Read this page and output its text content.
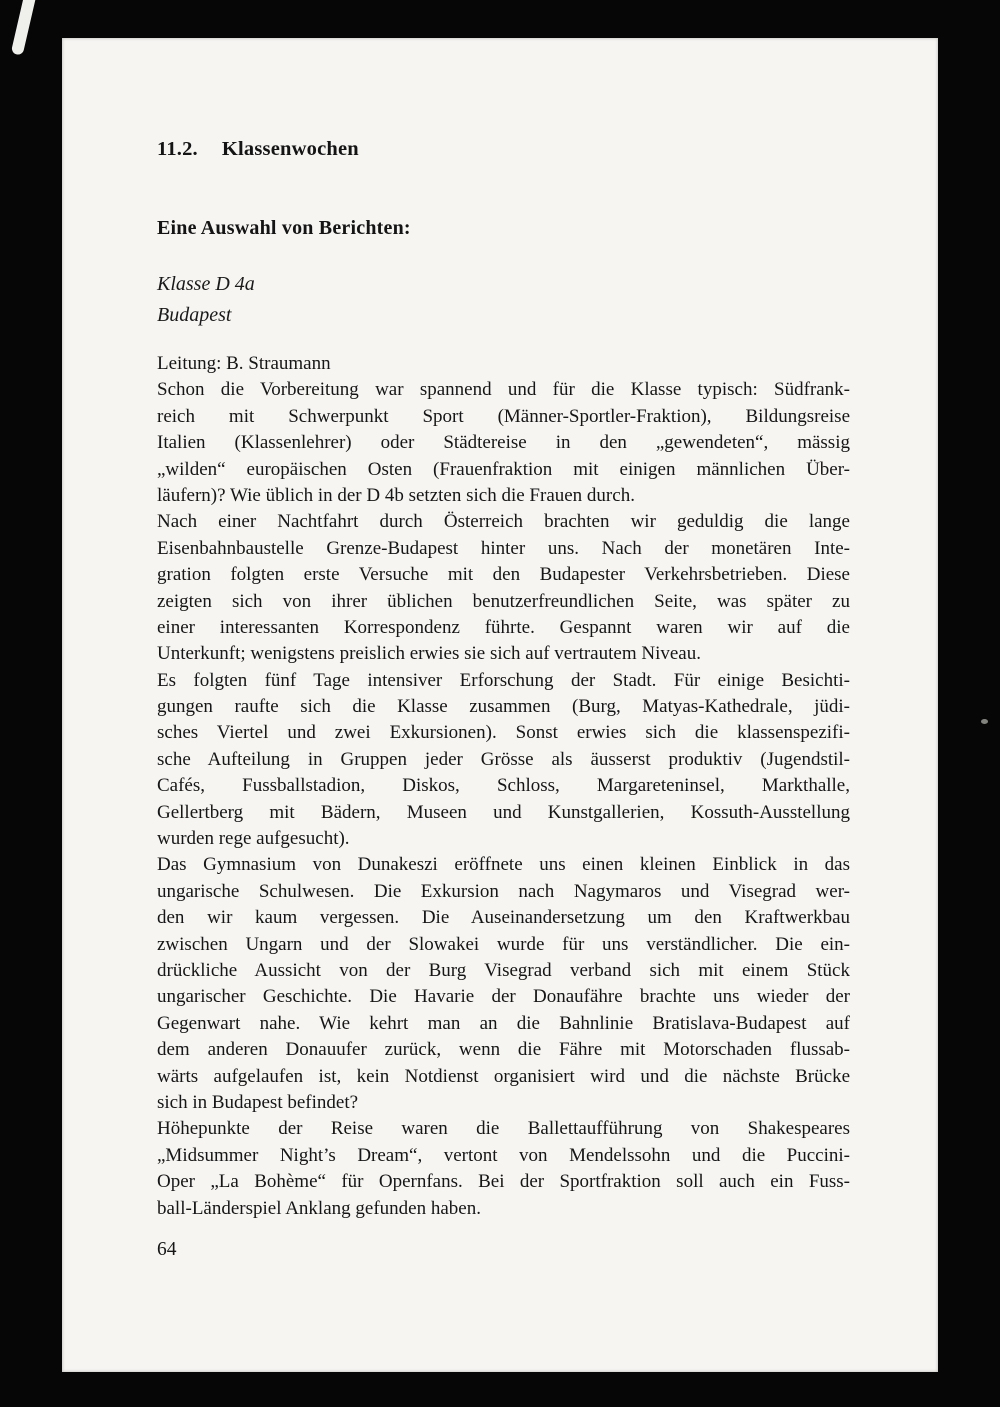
11.2. Klassenwochen
Eine Auswahl von Berichten:
Klasse D 4a
Budapest
Leitung: B. Straumann
Schon die Vorbereitung war spannend und für die Klasse typisch: Südfrank-
reich mit Schwerpunkt Sport (Männer-Sportler-Fraktion), Bildungsreise
Italien (Klassenlehrer) oder Städtereise in den „gewendeten“, mässig
„wilden“ europäischen Osten (Frauenfraktion mit einigen männlichen Über-
läufern)? Wie üblich in der D 4b setzten sich die Frauen durch.
Nach einer Nachtfahrt durch Österreich brachten wir geduldig die lange
Eisenbahnbaustelle Grenze-Budapest hinter uns. Nach der monetären Inte-
gration folgten erste Versuche mit den Budapester Verkehrsbetrieben. Diese
zeigten sich von ihrer üblichen benutzerfreundlichen Seite, was später zu
einer interessanten Korrespondenz führte. Gespannt waren wir auf die
Unterkunft; wenigstens preislich erwies sie sich auf vertrautem Niveau.
Es folgten fünf Tage intensiver Erforschung der Stadt. Für einige Besichti-
gungen raufte sich die Klasse zusammen (Burg, Matyas-Kathedrale, jüdi-
sches Viertel und zwei Exkursionen). Sonst erwies sich die klassenspezifi-
sche Aufteilung in Gruppen jeder Grösse als äusserst produktiv (Jugendstil-
Cafés, Fussballstadion, Diskos, Schloss, Margareteninsel, Markthalle,
Gellertberg mit Bädern, Museen und Kunstgallerien, Kossuth-Ausstellung
wurden rege aufgesucht).
Das Gymnasium von Dunakeszi eröffnete uns einen kleinen Einblick in das
ungarische Schulwesen. Die Exkursion nach Nagymaros und Visegrad wer-
den wir kaum vergessen. Die Auseinandersetzung um den Kraftwerkbau
zwischen Ungarn und der Slowakei wurde für uns verständlicher. Die ein-
drückliche Aussicht von der Burg Visegrad verband sich mit einem Stück
ungarischer Geschichte. Die Havarie der Donaufähre brachte uns wieder der
Gegenwart nahe. Wie kehrt man an die Bahnlinie Bratislava-Budapest auf
dem anderen Donauufer zurück, wenn die Fähre mit Motorschaden flussab-
wärts aufgelaufen ist, kein Notdienst organisiert wird und die nächste Brücke
sich in Budapest befindet?
Höhepunkte der Reise waren die Ballettaufführung von Shakespeares
„Midsummer Night’s Dream“, vertont von Mendelssohn und die Puccini-
Oper „La Bohème“ für Opernfans. Bei der Sportfraktion soll auch ein Fuss-
ball-Länderspiel Anklang gefunden haben.
64
